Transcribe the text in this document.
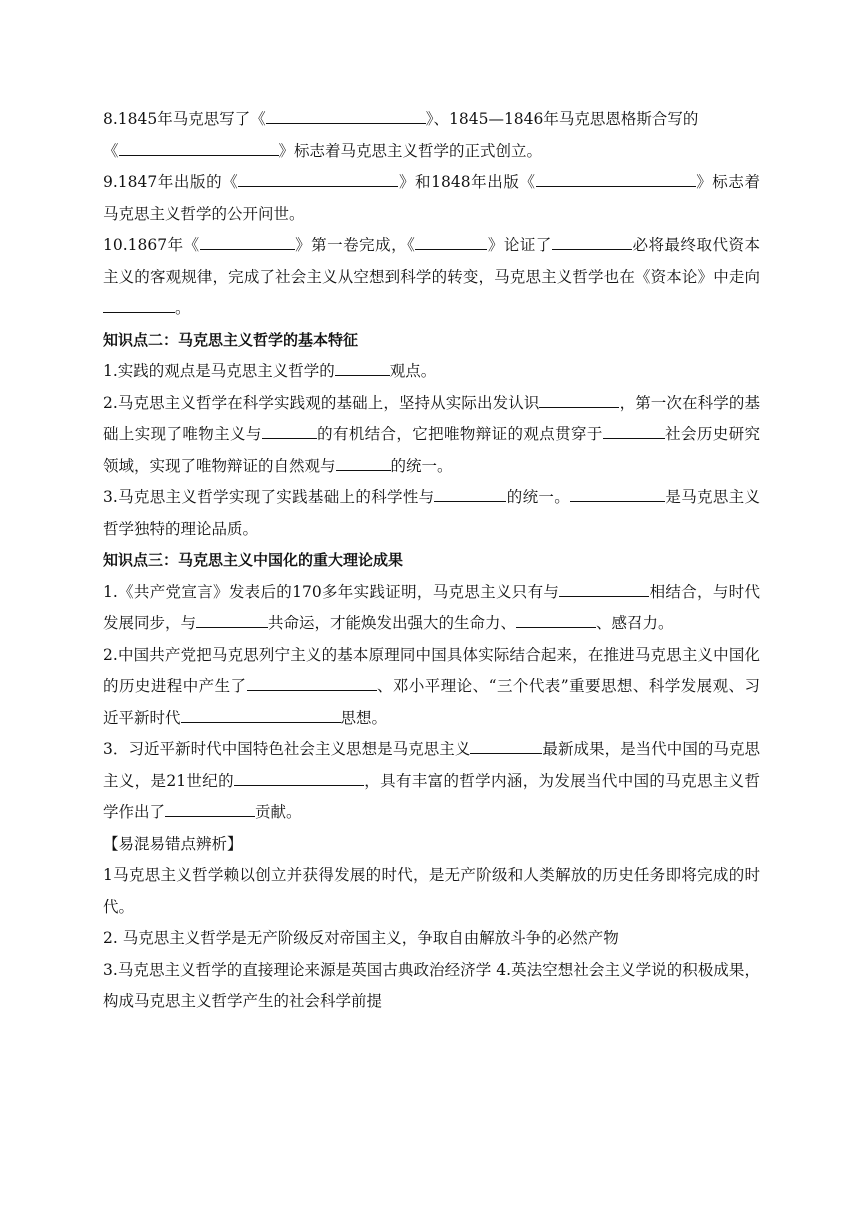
8.1845年马克思写了《	》、1845—1846年马克思恩格斯合写的
《	》标志着马克思主义哲学的正式创立。

9.1847年出版的《	》和1848年出版《	》标志着马克思主义哲学的公开问世。

10.1867年《	》第一卷完成，《	》论证了	必将最终取代资本主义的客观规律，完成了社会主义从空想到科学的转变，马克思主义哲学也在《资本论》中走向。

知识点二：马克思主义哲学的基本特征

1.实践的观点是马克思主义哲学的	观点。

2.马克思主义哲学在科学实践观的基础上，坚持从实际出发认识	，第一次在科学的基础上实现了唯物主义与	的有机结合，它把唯物辩证的观点贯穿于	社会历史研究领域，实现了唯物辩证的自然观与	的统一。

3.马克思主义哲学实现了实践基础上的科学性与	的统一。	是马克思主义哲学独特的理论品质。

知识点三：马克思主义中国化的重大理论成果

1.《共产党宣言》发表后的170多年实践证明，马克思主义只有与	相结合，与时代发展同步，与	共命运，才能焕发出强大的生命力、	、感召力。

2.中国共产党把马克思列宁主义的基本原理同中国具体实际结合起来，在推进马克思主义中国化的历史进程中产生了	、邓小平理论、“三个代表”重要思想、科学发展观、习近平新时代	思想。

3．习近平新时代中国特色社会主义思想是马克思主义	最新成果，是当代中国的马克思主义，是21世纪的	，具有丰富的哲学内涵，为发展当代中国的马克思主义哲学作出了	贡献。

【易混易错点辨析】

1马克思主义哲学赖以创立并获得发展的时代，是无产阶级和人类解放的历史任务即将完成的时代。

2. 马克思主义哲学是无产阶级反对帝国主义，争取自由解放斗争的必然产物

3.马克思主义哲学的直接理论来源是英国古典政治经济学 4.英法空想社会主义学说的积极成果，构成马克思主义哲学产生的社会科学前提
